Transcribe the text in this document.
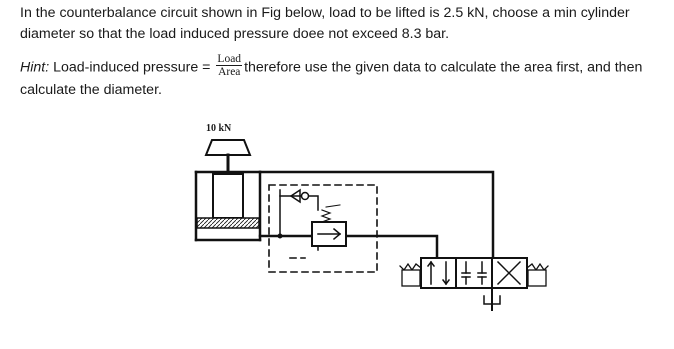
In the counterbalance circuit shown in Fig below, load to be lifted is 2.5 kN, choose a min cylinder
diameter so that the load induced pressure doee not exceed 8.3 bar.

Hint: Load-induced pressure = $\frac{\text{Load}}{\text{Area}}$ therefore use the given data to calculate the area first, and then
calculate the diameter.

10 kN
